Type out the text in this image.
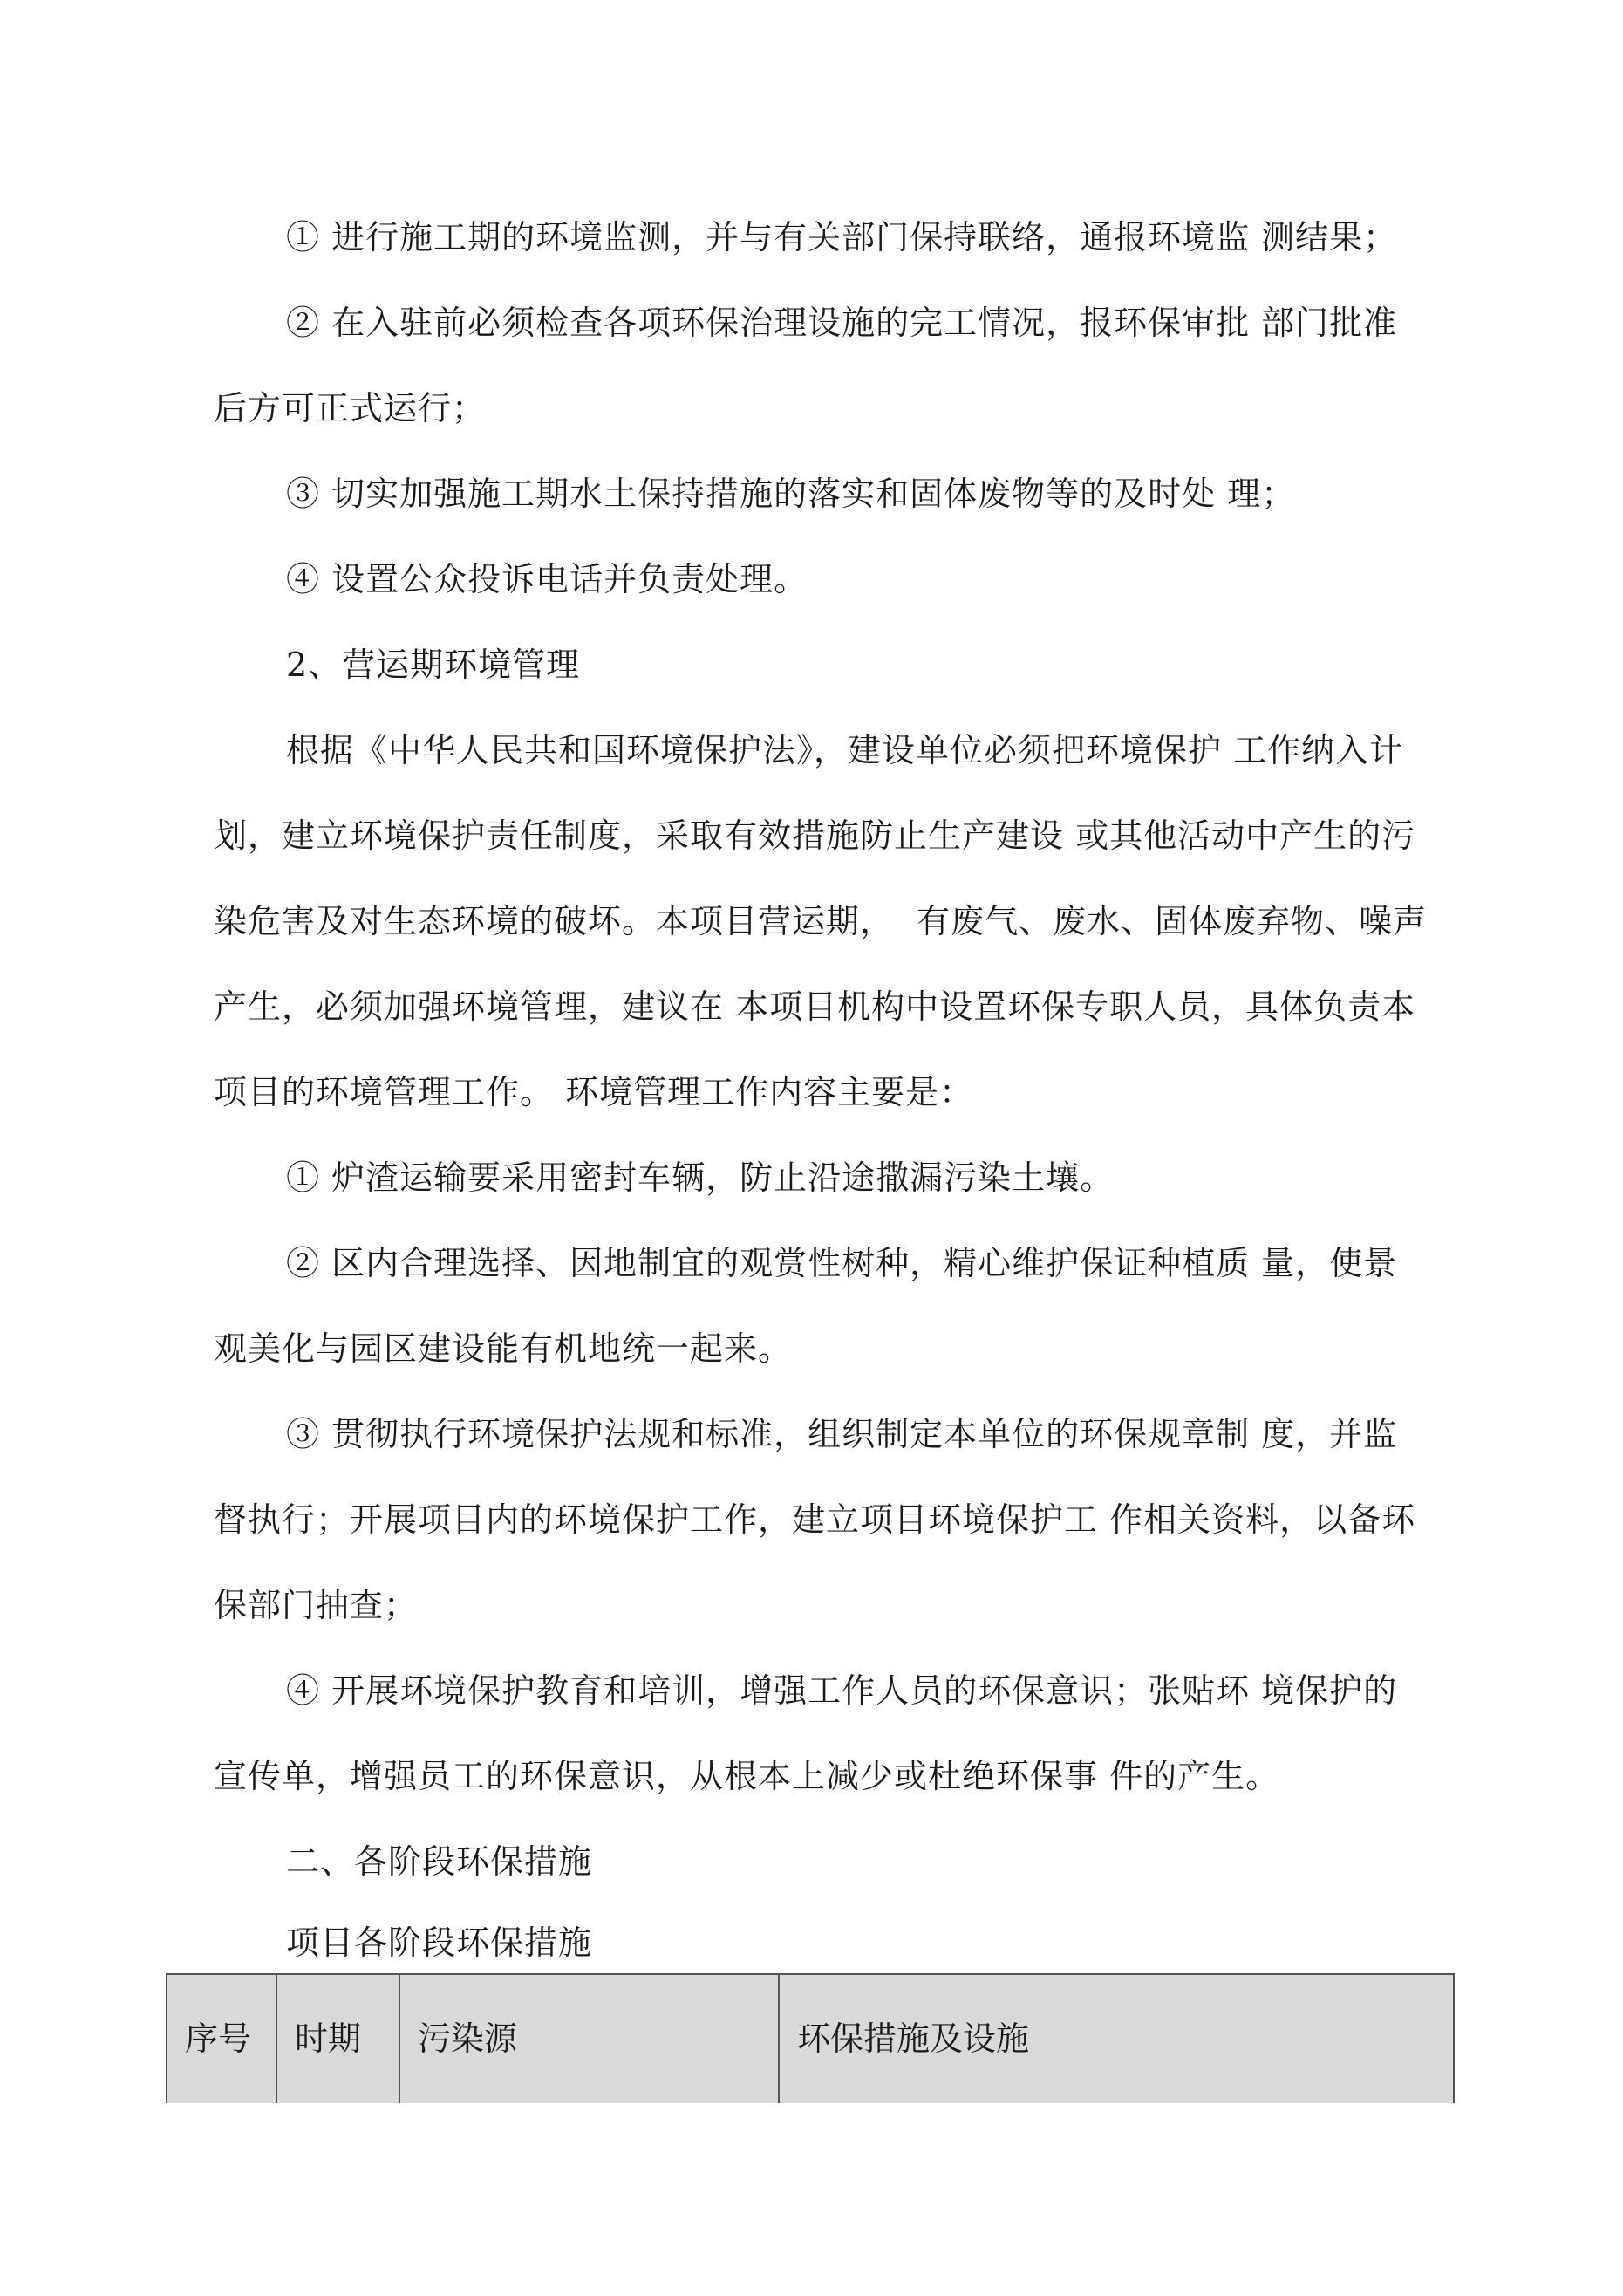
① 进行施工期的环境监测，并与有关部门保持联络，通报环境监 测结果；
② 在入驻前必须检查各项环保治理设施的完工情况，报环保审批 部门批准
后方可正式运行；
③ 切实加强施工期水土保持措施的落实和固体废物等的及时处 理；
④ 设置公众投诉电话并负责处理。
2、营运期环境管理
根据《中华人民共和国环境保护法》，建设单位必须把环境保护 工作纳入计
划，建立环境保护责任制度，采取有效措施防止生产建设 或其他活动中产生的污
染危害及对生态环境的破坏。本项目营运期，  有废气、废水、固体废弃物、噪声
产生，必须加强环境管理，建议在 本项目机构中设置环保专职人员，具体负责本
项目的环境管理工作。 环境管理工作内容主要是：
① 炉渣运输要采用密封车辆，防止沿途撒漏污染土壤。
② 区内合理选择、因地制宜的观赏性树种，精心维护保证种植质 量，使景
观美化与园区建设能有机地统一起来。
③ 贯彻执行环境保护法规和标准，组织制定本单位的环保规章制 度，并监
督执行；开展项目内的环境保护工作，建立项目环境保护工 作相关资料，以备环
保部门抽查；
④ 开展环境保护教育和培训，增强工作人员的环保意识；张贴环 境保护的
宣传单，增强员工的环保意识，从根本上减少或杜绝环保事 件的产生。
二、各阶段环保措施
项目各阶段环保措施
序号	时期	污染源	环保措施及设施
